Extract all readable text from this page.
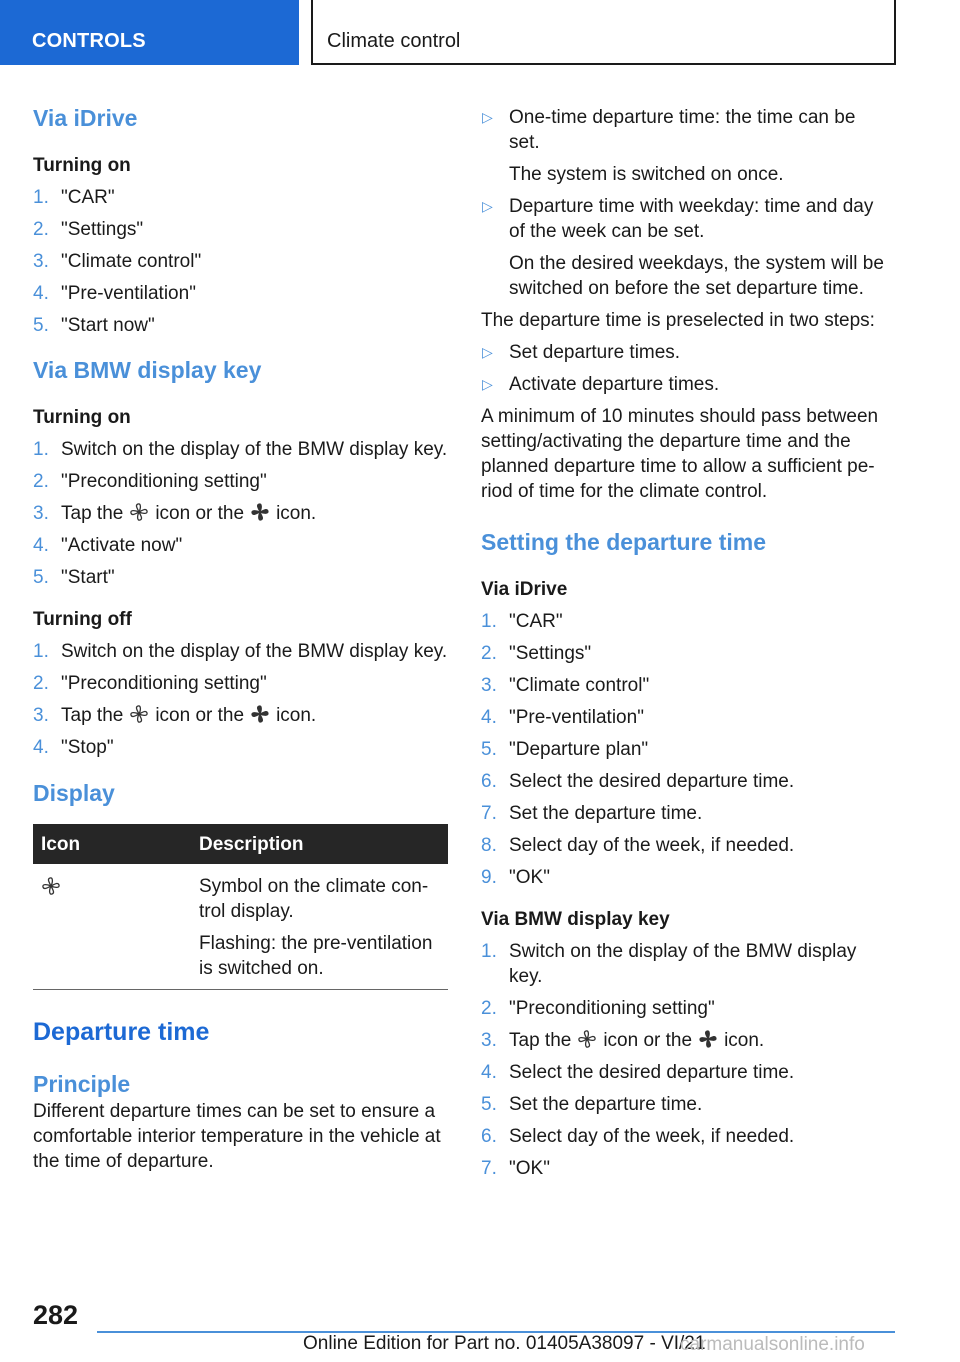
CONTROLS	Climate control
Via iDrive
Turning on
1. "CAR"
2. "Settings"
3. "Climate control"
4. "Pre-ventilation"
5. "Start now"
Via BMW display key
Turning on
1. Switch on the display of the BMW display key.
2. "Preconditioning setting"
3. Tap the icon or the icon.
4. "Activate now"
5. "Start"
Turning off
1. Switch on the display of the BMW display key.
2. "Preconditioning setting"
3. Tap the icon or the icon.
4. "Stop"
Display
Icon	Description
	Symbol on the climate con-trol display.
Flashing: the pre-ventilation is switched on.
Departure time
Principle
Different departure times can be set to ensure a comfortable interior temperature in the vehicle at the time of departure.
▷ One-time departure time: the time can be set.
The system is switched on once.
▷ Departure time with weekday: time and day of the week can be set.
On the desired weekdays, the system will be switched on before the set departure time.
The departure time is preselected in two steps:
▷ Set departure times.
▷ Activate departure times.
A minimum of 10 minutes should pass between setting/activating the departure time and the planned departure time to allow a sufficient pe-riod of time for the climate control.
Setting the departure time
Via iDrive
1. "CAR"
2. "Settings"
3. "Climate control"
4. "Pre-ventilation"
5. "Departure plan"
6. Select the desired departure time.
7. Set the departure time.
8. Select day of the week, if needed.
9. "OK"
Via BMW display key
1. Switch on the display of the BMW display key.
2. "Preconditioning setting"
3. Tap the icon or the icon.
4. Select the desired departure time.
5. Set the departure time.
6. Select day of the week, if needed.
7. "OK"
282
Online Edition for Part no. 01405A38097 - VI/21
carmanualsonline.info
